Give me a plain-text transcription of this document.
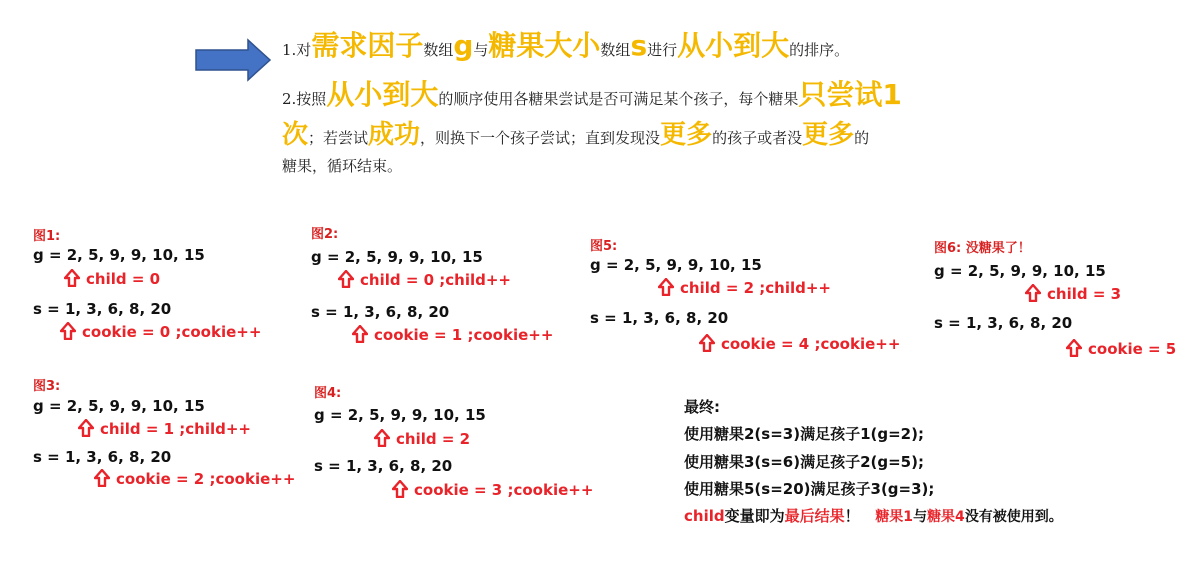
1.对需求因子数组g与糖果大小数组s进行从小到大的排序。
2.按照从小到大的顺序使用各糖果尝试是否可满足某个孩子，每个糖果只尝试1
次；若尝试成功，则换下一个孩子尝试；直到发现没更多的孩子或者没更多的
糖果，循环结束。
图1:
g = 2, 5, 9, 9, 10, 15
child = 0
s = 1, 3, 6, 8, 20
cookie = 0 ;cookie++
图2:
g = 2, 5, 9, 9, 10, 15
child = 0 ;child++
s = 1, 3, 6, 8, 20
cookie = 1 ;cookie++
图3:
g = 2, 5, 9, 9, 10, 15
child = 1 ;child++
s = 1, 3, 6, 8, 20
cookie = 2 ;cookie++
图4:
g = 2, 5, 9, 9, 10, 15
child = 2
s = 1, 3, 6, 8, 20
cookie = 3 ;cookie++
图5:
g = 2, 5, 9, 9, 10, 15
child = 2 ;child++
s = 1, 3, 6, 8, 20
cookie = 4 ;cookie++
图6: 没糖果了！
g = 2, 5, 9, 9, 10, 15
child = 3
s = 1, 3, 6, 8, 20
cookie = 5
最终:
使用糖果2(s=3)满足孩子1(g=2);
使用糖果3(s=6)满足孩子2(g=5);
使用糖果5(s=20)满足孩子3(g=3);
child变量即为最后结果！ 糖果1与糖果4没有被使用到。
